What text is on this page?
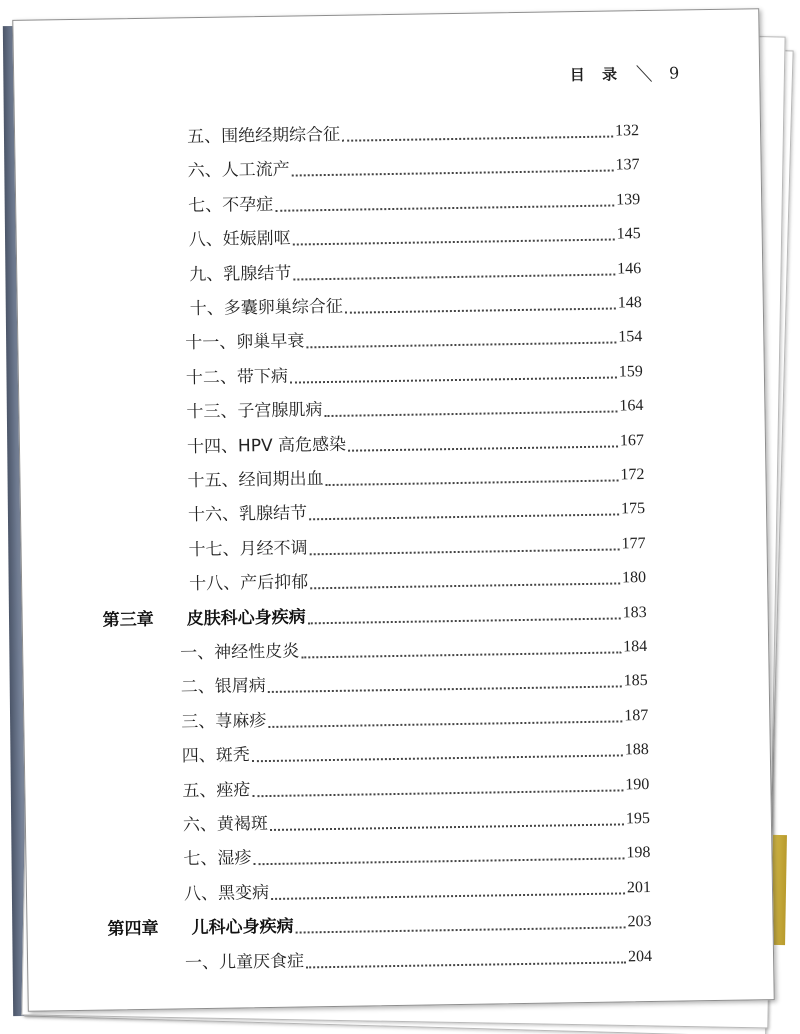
目 录	9
五、围绝经期综合征	132
六、人工流产	137
七、不孕症	139
八、妊娠剧呕	145
九、乳腺结节	146
十、多囊卵巢综合征	148
十一、卵巢早衰	154
十二、带下病	159
十三、子宫腺肌病	164
十四、HPV 高危感染	167
十五、经间期出血	172
十六、乳腺结节	175
十七、月经不调	177
十八、产后抑郁	180
第三章 皮肤科心身疾病	183
一、神经性皮炎	184
二、银屑病	185
三、荨麻疹	187
四、斑秃	188
五、痤疮	190
六、黄褐斑	195
七、湿疹	198
八、黑变病	201
第四章 儿科心身疾病	203
一、儿童厌食症	204
